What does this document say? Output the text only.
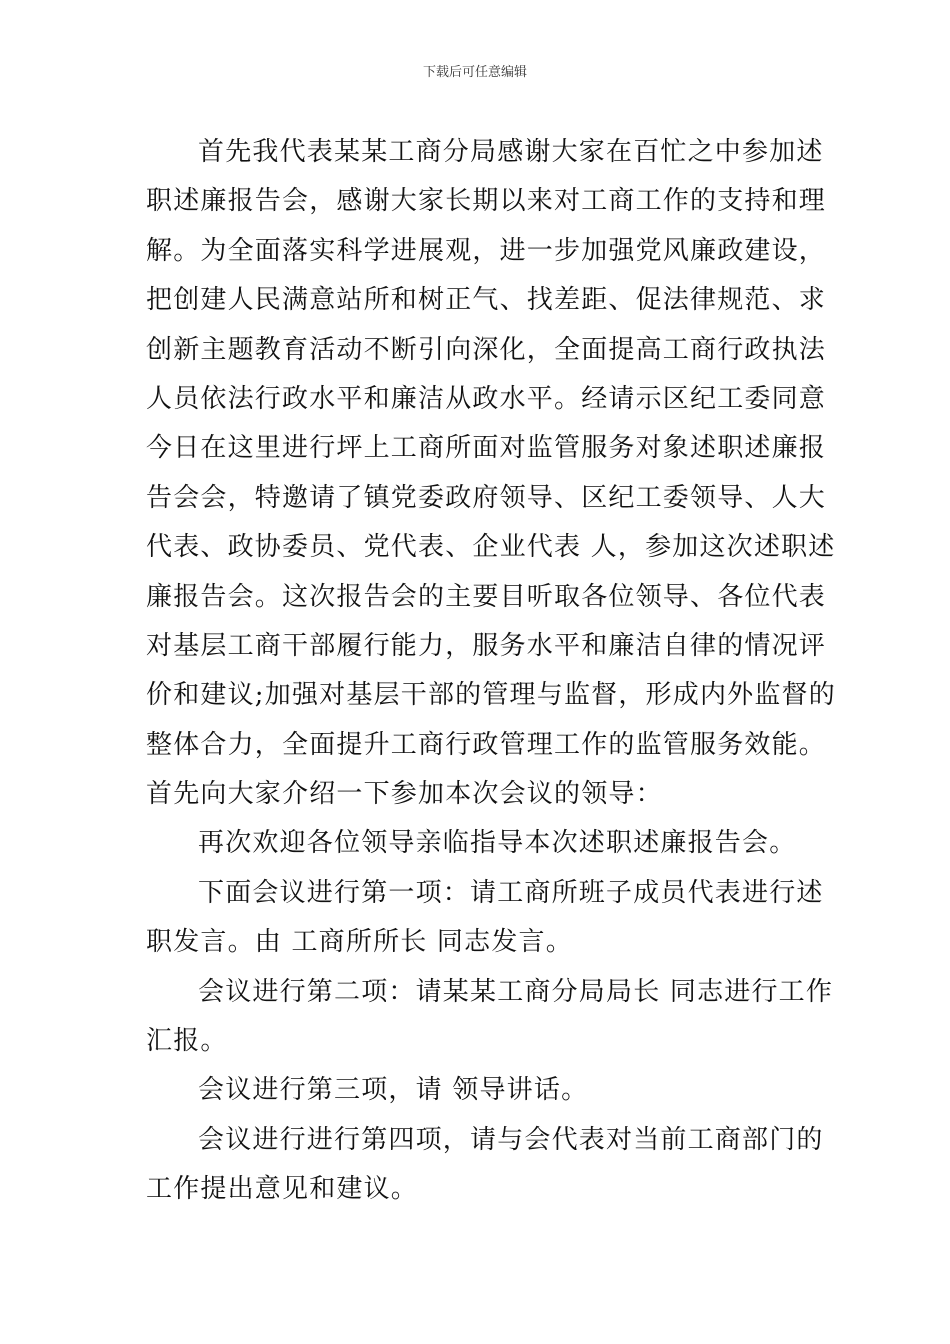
下载后可任意编辑
首先我代表某某工商分局感谢大家在百忙之中参加述
职述廉报告会，感谢大家长期以来对工商工作的支持和理
解。为全面落实科学进展观，进一步加强党风廉政建设，
把创建人民满意站所和树正气、找差距、促法律规范、求
创新主题教育活动不断引向深化，全面提高工商行政执法
人员依法行政水平和廉洁从政水平。经请示区纪工委同意
今日在这里进行坪上工商所面对监管服务对象述职述廉报
告会会，特邀请了镇党委政府领导、区纪工委领导、人大
代表、政协委员、党代表、企业代表 人，参加这次述职述
廉报告会。这次报告会的主要目听取各位领导、各位代表
对基层工商干部履行能力，服务水平和廉洁自律的情况评
价和建议;加强对基层干部的管理与监督，形成内外监督的
整体合力，全面提升工商行政管理工作的监管服务效能。
首先向大家介绍一下参加本次会议的领导：
再次欢迎各位领导亲临指导本次述职述廉报告会。
下面会议进行第一项：请工商所班子成员代表进行述
职发言。由 工商所所长 同志发言。
会议进行第二项：请某某工商分局局长 同志进行工作
汇报。
会议进行第三项，请 领导讲话。
会议进行进行第四项，请与会代表对当前工商部门的
工作提出意见和建议。
